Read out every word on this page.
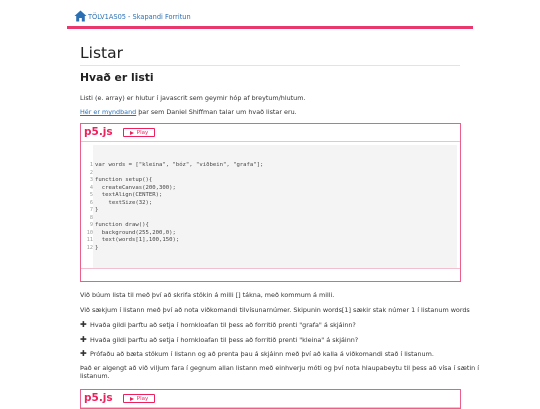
TÖLV1AS05 - Skapandi Forritun
Listar
Hvað er listi
Listi (e. array) er hlutur í javascrit sem geymir hóp af breytum/hlutum.
Hér er myndband þar sem Daniel Shiffman talar um hvað listar eru.
p5.js	Play
1
2
3
4
5
6
7
8
9
10
11
12
var words = ["kleina", "bóz", "viðbein", "grafa"];
function setup(){
createCanvas(200,300);
textAlign(CENTER);
textSize(32);
}
function draw(){
background(255,200,0);
text(words[1],100,150);
}
Við búum lista til með því að skrifa stökin á milli [] tákna, með kommum á milli.
Við sækjum í listann með því að nota viðkomandi tilvísunarnúmer. Skipunin words[1] sækir stak númer 1 í listanum words
✚ Hvaða gildi þarftu að setja í hornkloafan til þess að forritið prenti "grafa" á skjáinn?
✚ Hvaða gildi þarftu að setja í hornkloafan til þess að forritið prenti "kleina" á skjáinn?
✚ Prófaðu að bæta stökum í listann og að prenta þau á skjáinn með því að kalla á viðkomandi stað í listanum.
Það er algengt að við viljum fara í gegnum allan listann með einhverju móti og því nota hlaupabeytu til þess að vísa í sætin í
listanum.
p5.js	Play
